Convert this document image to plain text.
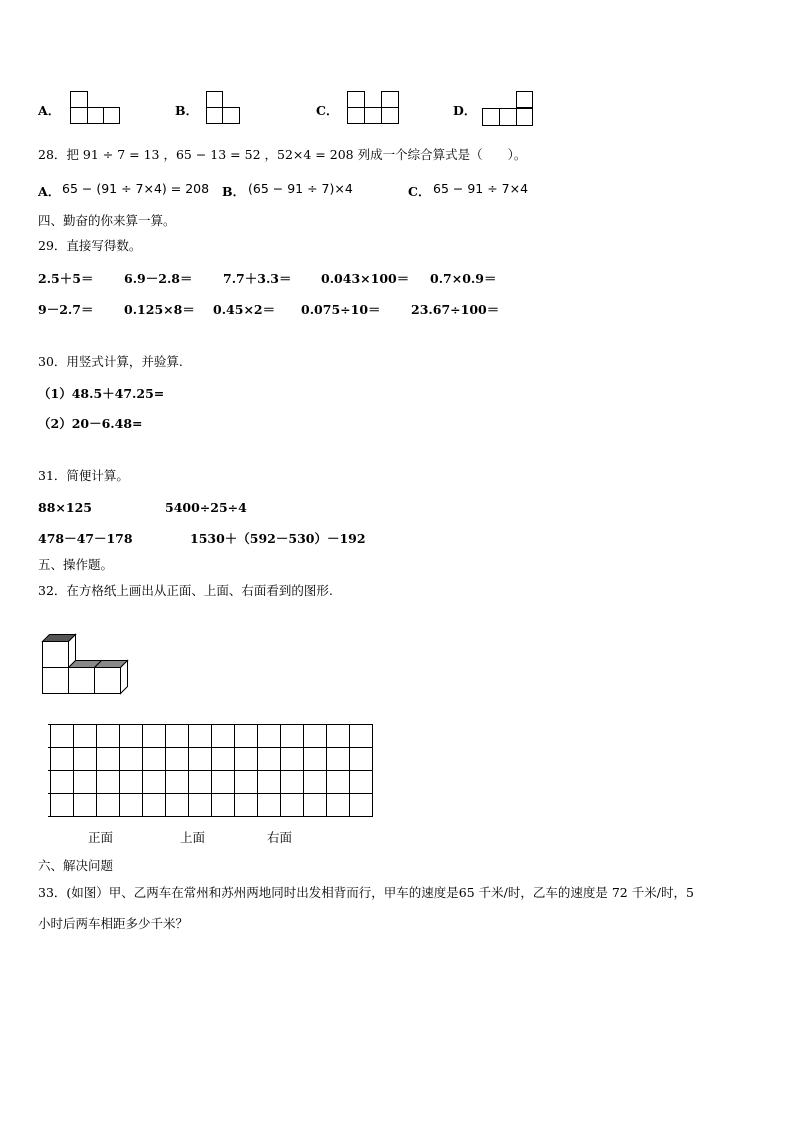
A．	B．	C．	D．
28．把 91 ÷ 7 = 13 ，65 − 13 = 52 ，52×4 = 208 列成一个综合算式是（　　）。
A． 65 − (91 ÷ 7×4) = 208 B． (65 − 91 ÷ 7)×4	C． 65 − 91 ÷ 7×4
四、勤奋的你来算一算。
29．直接写得数。
2.5＋5＝ 6.9－2.8＝ 7.7＋3.3＝ 0.043×100＝ 0.7×0.9＝
9－2.7＝ 0.125×8＝ 0.45×2＝ 0.075÷10＝ 23.67÷100＝
30．用竖式计算，并验算.
（1）48.5＋47.25=
（2）20－6.48=
31．简便计算。
88×125	5400÷25÷4
478－47－178	1530＋（592－530）－192
五、操作题。
32．在方格纸上画出从正面、上面、右面看到的图形.
正面	上面	右面
六、解决问题
33．(如图）甲、乙两车在常州和苏州两地同时出发相背而行，甲车的速度是65 千米/时，乙车的速度是 72 千米/时，5
小时后两车相距多少千米？
